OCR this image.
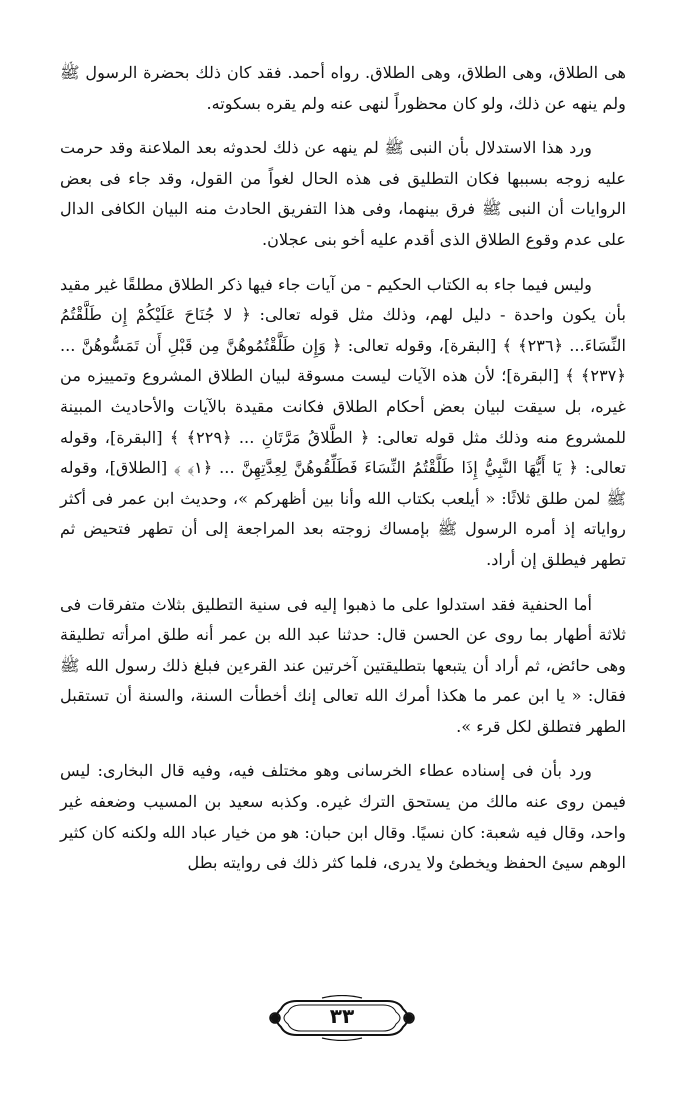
هى الطلاق، وهى الطلاق، وهى الطلاق. رواه أحمد. فقد كان ذلك بحضرة الرسول ﷺ ولم ينهه عن ذلك، ولو كان محظوراً لنهى عنه ولم يقره بسكوته.

ورد هذا الاستدلال بأن النبى ﷺ لم ينهه عن ذلك لحدوثه بعد الملاعنة وقد حرمت عليه زوجه بسببها فكان التطليق فى هذه الحال لغواً من القول، وقد جاء فى بعض الروايات أن النبى ﷺ فرق بينهما، وفى هذا التفريق الحادث منه البيان الكافى الدال على عدم وقوع الطلاق الذى أقدم عليه أخو بنى عجلان.

وليس فيما جاء به الكتاب الحكيم - من آيات جاء فيها ذكر الطلاق مطلقًا غير مقيد بأن يكون واحدة - دليل لهم، وذلك مثل قوله تعالى: ﴿ لا جُنَاحَ عَلَيْكُمْ إِن طَلَّقْتُمُ النِّسَاءَ... ﴿٢٣٦﴾ ﴾ [البقرة]، وقوله تعالى: ﴿ وَإِن طَلَّقْتُمُوهُنَّ مِن قَبْلِ أَن تَمَسُّوهُنَّ ... ﴿٢٣٧﴾ ﴾ [البقرة]؛ لأن هذه الآيات ليست مسوقة لبيان الطلاق المشروع وتمييزه من غيره، بل سيقت لبيان بعض أحكام الطلاق فكانت مقيدة بالآيات والأحاديث المبينة للمشروع منه وذلك مثل قوله تعالى: ﴿ الطَّلاقُ مَرَّتَانِ ... ﴿٢٢٩﴾ ﴾ [البقرة]، وقوله تعالى: ﴿ يَا أَيُّهَا النَّبِيُّ إِذَا طَلَّقْتُمُ النِّسَاءَ فَطَلِّقُوهُنَّ لِعِدَّتِهِنَّ ... ﴿١﴾ ﴾ [الطلاق]، وقوله ﷺ لمن طلق ثلاثًا: « أيلعب بكتاب الله وأنا بين أظهركم »، وحديث ابن عمر فى أكثر رواياته إذ أمره الرسول ﷺ بإمساك زوجته بعد المراجعة إلى أن تطهر فتحيض ثم تطهر فيطلق إن أراد.

أما الحنفية فقد استدلوا على ما ذهبوا إليه فى سنية التطليق بثلاث متفرقات فى ثلاثة أطهار بما روى عن الحسن قال: حدثنا عبد الله بن عمر أنه طلق امرأته تطليقة وهى حائض، ثم أراد أن يتبعها بتطليقتين آخرتين عند القرءين فبلغ ذلك رسول الله ﷺ فقال: « يا ابن عمر ما هكذا أمرك الله تعالى إنك أخطأت السنة، والسنة أن تستقبل الطهر فتطلق لكل قرء ».

ورد بأن فى إسناده عطاء الخرسانى وهو مختلف فيه، وفيه قال البخارى: ليس فيمن روى عنه مالك من يستحق الترك غيره. وكذبه سعيد بن المسيب وضعفه غير واحد، وقال فيه شعبة: كان نسيًا. وقال ابن حبان: هو من خيار عباد الله ولكنه كان كثير الوهم سيئ الحفظ ويخطئ ولا يدرى، فلما كثر ذلك فى روايته بطل

٣٣
